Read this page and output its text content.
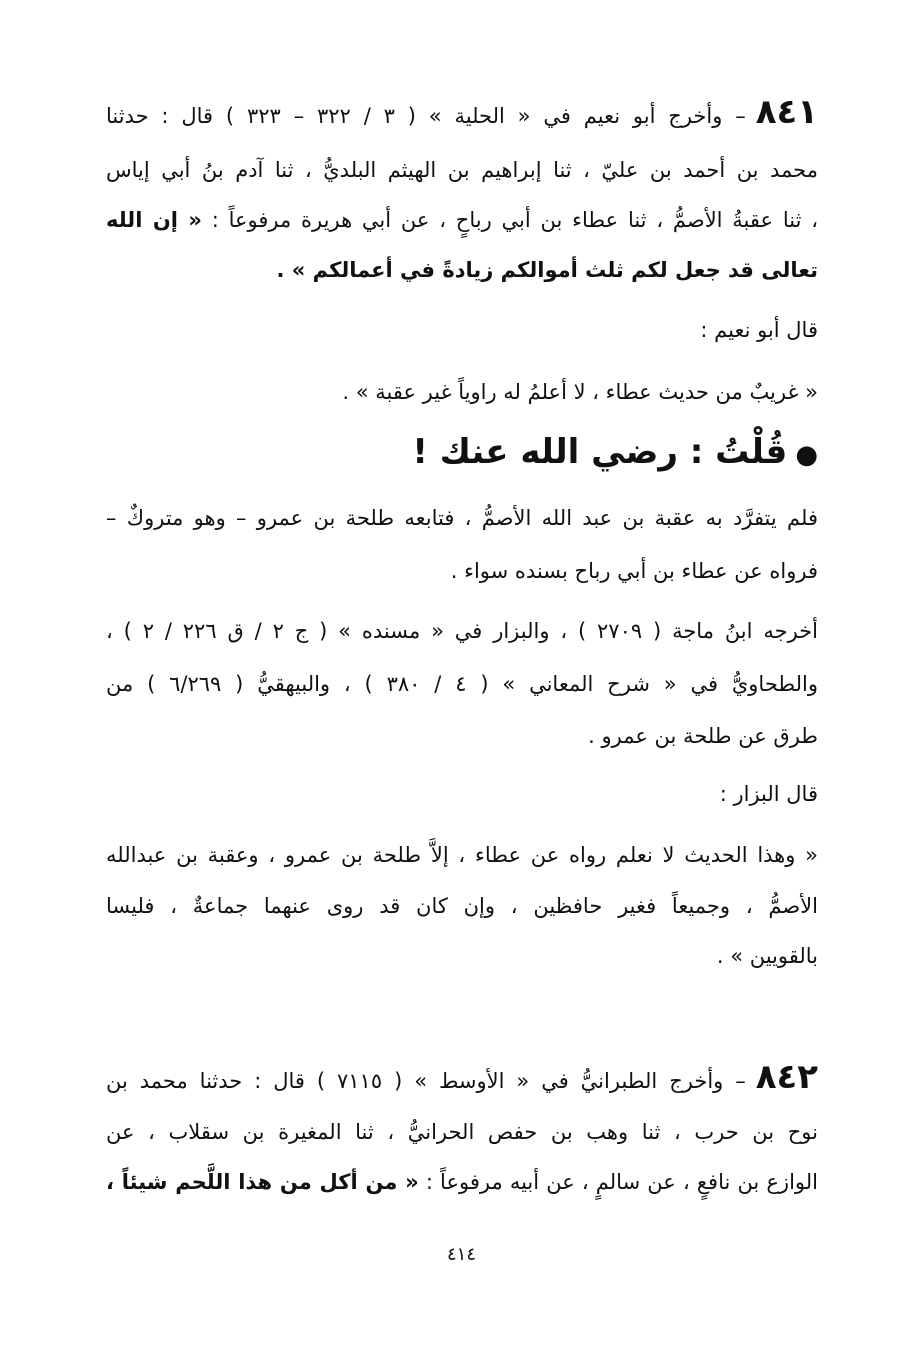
٨٤١– وأخرج أبو نعيم في « الحلية » ( ٣ / ٣٢٢ – ٣٢٣ ) قال : حدثنا
محمد بن أحمد بن عليّ ، ثنا إبراهيم بن الهيثم البلديُّ ، ثنا آدم بنُ أبي إياس
، ثنا عقبةُ الأصمُّ ، ثنا عطاء بن أبي رباحٍ ، عن أبي هريرة مرفوعاً : « إن الله
تعالى قد جعل لكم ثلث أموالكم زيادةً في أعمالكم » .
قال أبو نعيم :
« غريبٌ من حديث عطاء ، لا أعلمُ له راوياً غير عقبة » .
●قُلْتُ : رضي الله عنك !
فلم يتفرَّد به عقبة بن عبد الله الأصمُّ ، فتابعه طلحة بن عمرو – وهو متروكٌ –
فرواه عن عطاء بن أبي رباح بسنده سواء .
أخرجه ابنُ ماجة ( ٢٧٠٩ ) ، والبزار في « مسنده » ( ج ٢ / ق ٢٢٦ / ٢ ) ،
والطحاويُّ في « شرح المعاني » ( ٤ / ٣٨٠ ) ، والبيهقيُّ ( ٦/٢٦٩ ) من
طرق عن طلحة بن عمرو .
قال البزار :
« وهذا الحديث لا نعلم رواه عن عطاء ، إلاَّ طلحة بن عمرو ، وعقبة بن عبدالله
الأصمُّ ، وجميعاً فغير حافظين ، وإن كان قد روى عنهما جماعةٌ ، فليسا
بالقويين » .
٨٤٢– وأخرج الطبرانيُّ في « الأوسط » ( ٧١١٥ ) قال : حدثنا محمد بن
نوح بن حرب ، ثنا وهب بن حفص الحرانيُّ ، ثنا المغيرة بن سقلاب ، عن
الوازع بن نافعٍ ، عن سالمٍ ، عن أبيه مرفوعاً : « من أكل من هذا اللَّحم شيئاً ،
٤١٤
